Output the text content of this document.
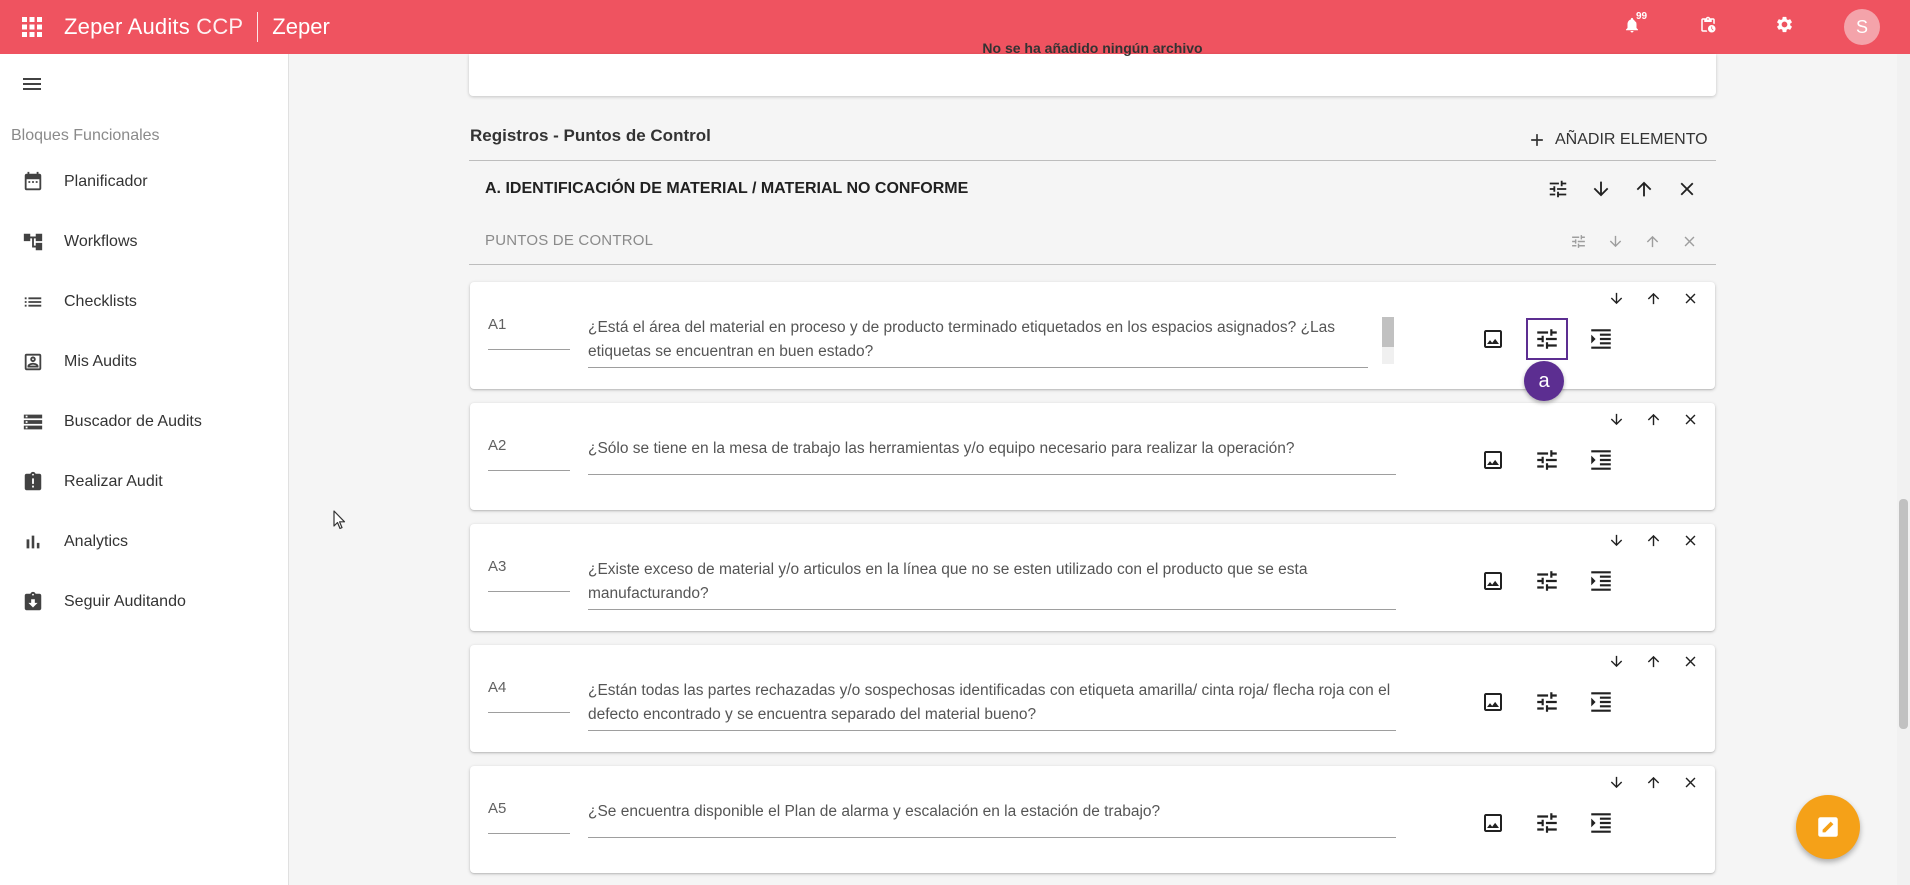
Zeper Audits CCP Zeper	99	S
Bloques Funcionales
Planificador
Workflows
Checklists
Mis Audits
Buscador de Audits
Realizar Audit
Analytics
Seguir Auditando
No se ha añadido ningún archivo
Registros - Puntos de Control	AÑADIR ELEMENTO
A. IDENTIFICACIÓN DE MATERIAL / MATERIAL NO CONFORME
PUNTOS DE CONTROL
A1	¿Está el área del material en proceso y de producto terminado etiquetados en los espacios asignados? ¿Las etiquetas se encuentran en buen estado?
A2	¿Sólo se tiene en la mesa de trabajo las herramientas y/o equipo necesario para realizar la operación?
A3	¿Existe exceso de material y/o articulos en la línea que no se esten utilizado con el producto que se esta manufacturando?
A4	¿Están todas las partes rechazadas y/o sospechosas identificadas con etiqueta amarilla/ cinta roja/ flecha roja con el defecto encontrado y se encuentra separado del material bueno?
A5	¿Se encuentra disponible el Plan de alarma y escalación en la estación de trabajo?
a
